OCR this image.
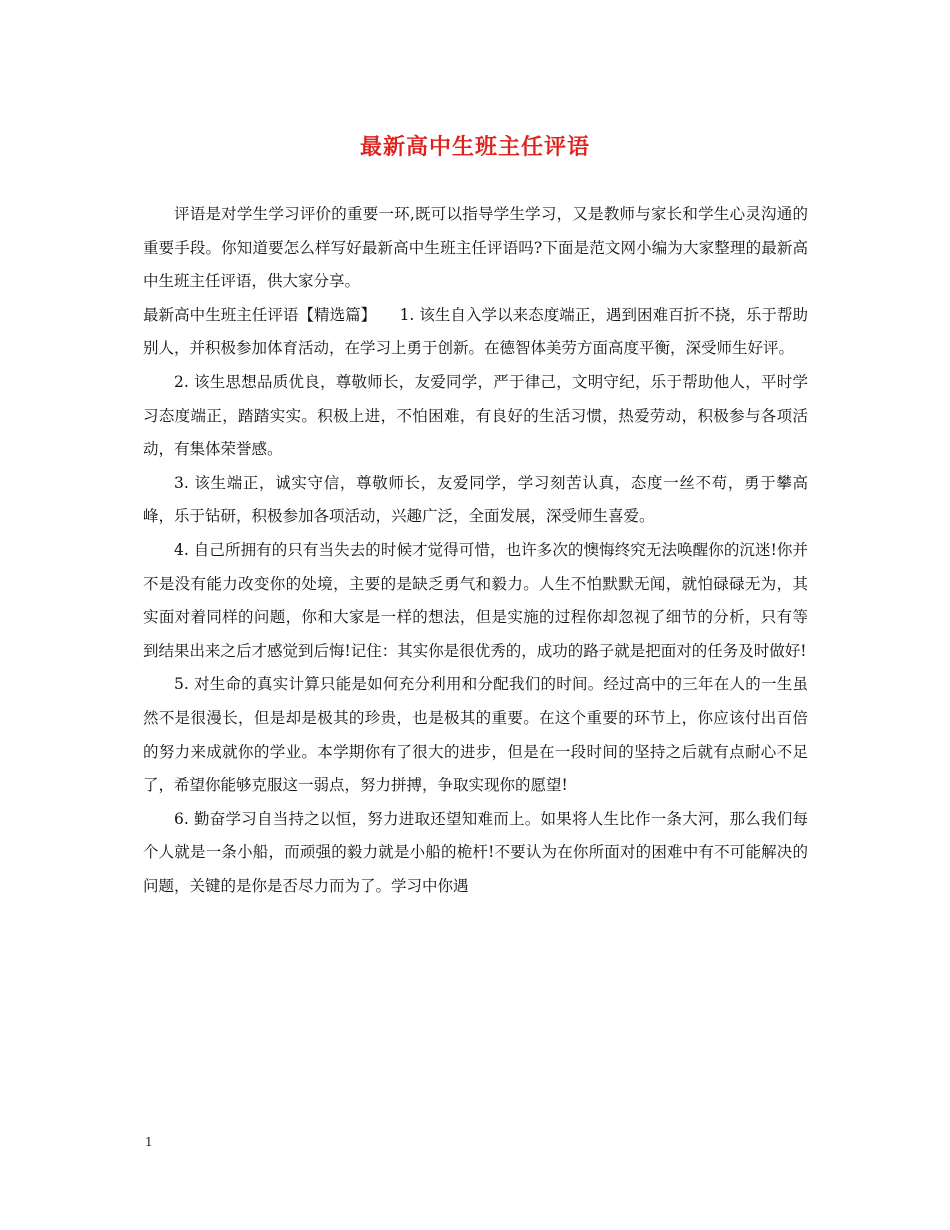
最新高中生班主任评语

评语是对学生学习评价的重要一环,既可以指导学生学习，又是教师与家长和学生心灵沟通的重要手段。你知道要怎么样写好最新高中生班主任评语吗?下面是范文网小编为大家整理的最新高中生班主任评语，供大家分享。

最新高中生班主任评语【精选篇】　　1. 该生自入学以来态度端正，遇到困难百折不挠，乐于帮助别人，并积极参加体育活动，在学习上勇于创新。在德智体美劳方面高度平衡，深受师生好评。

2. 该生思想品质优良，尊敬师长，友爱同学，严于律己，文明守纪，乐于帮助他人，平时学习态度端正，踏踏实实。积极上进，不怕困难，有良好的生活习惯，热爱劳动，积极参与各项活动，有集体荣誉感。

3. 该生端正，诚实守信，尊敬师长，友爱同学，学习刻苦认真，态度一丝不苟，勇于攀高峰，乐于钻研，积极参加各项活动，兴趣广泛，全面发展，深受师生喜爱。

4. 自己所拥有的只有当失去的时候才觉得可惜，也许多次的懊悔终究无法唤醒你的沉迷!你并不是没有能力改变你的处境，主要的是缺乏勇气和毅力。人生不怕默默无闻，就怕碌碌无为，其实面对着同样的问题，你和大家是一样的想法，但是实施的过程你却忽视了细节的分析，只有等到结果出来之后才感觉到后悔!记住：其实你是很优秀的，成功的路子就是把面对的任务及时做好!

5. 对生命的真实计算只能是如何充分利用和分配我们的时间。经过高中的三年在人的一生虽然不是很漫长，但是却是极其的珍贵，也是极其的重要。在这个重要的环节上，你应该付出百倍的努力来成就你的学业。本学期你有了很大的进步，但是在一段时间的坚持之后就有点耐心不足了，希望你能够克服这一弱点，努力拼搏，争取实现你的愿望!

6. 勤奋学习自当持之以恒，努力进取还望知难而上。如果将人生比作一条大河，那么我们每个人就是一条小船，而顽强的毅力就是小船的桅杆!不要认为在你所面对的困难中有不可能解决的问题，关键的是你是否尽力而为了。学习中你遇

1
